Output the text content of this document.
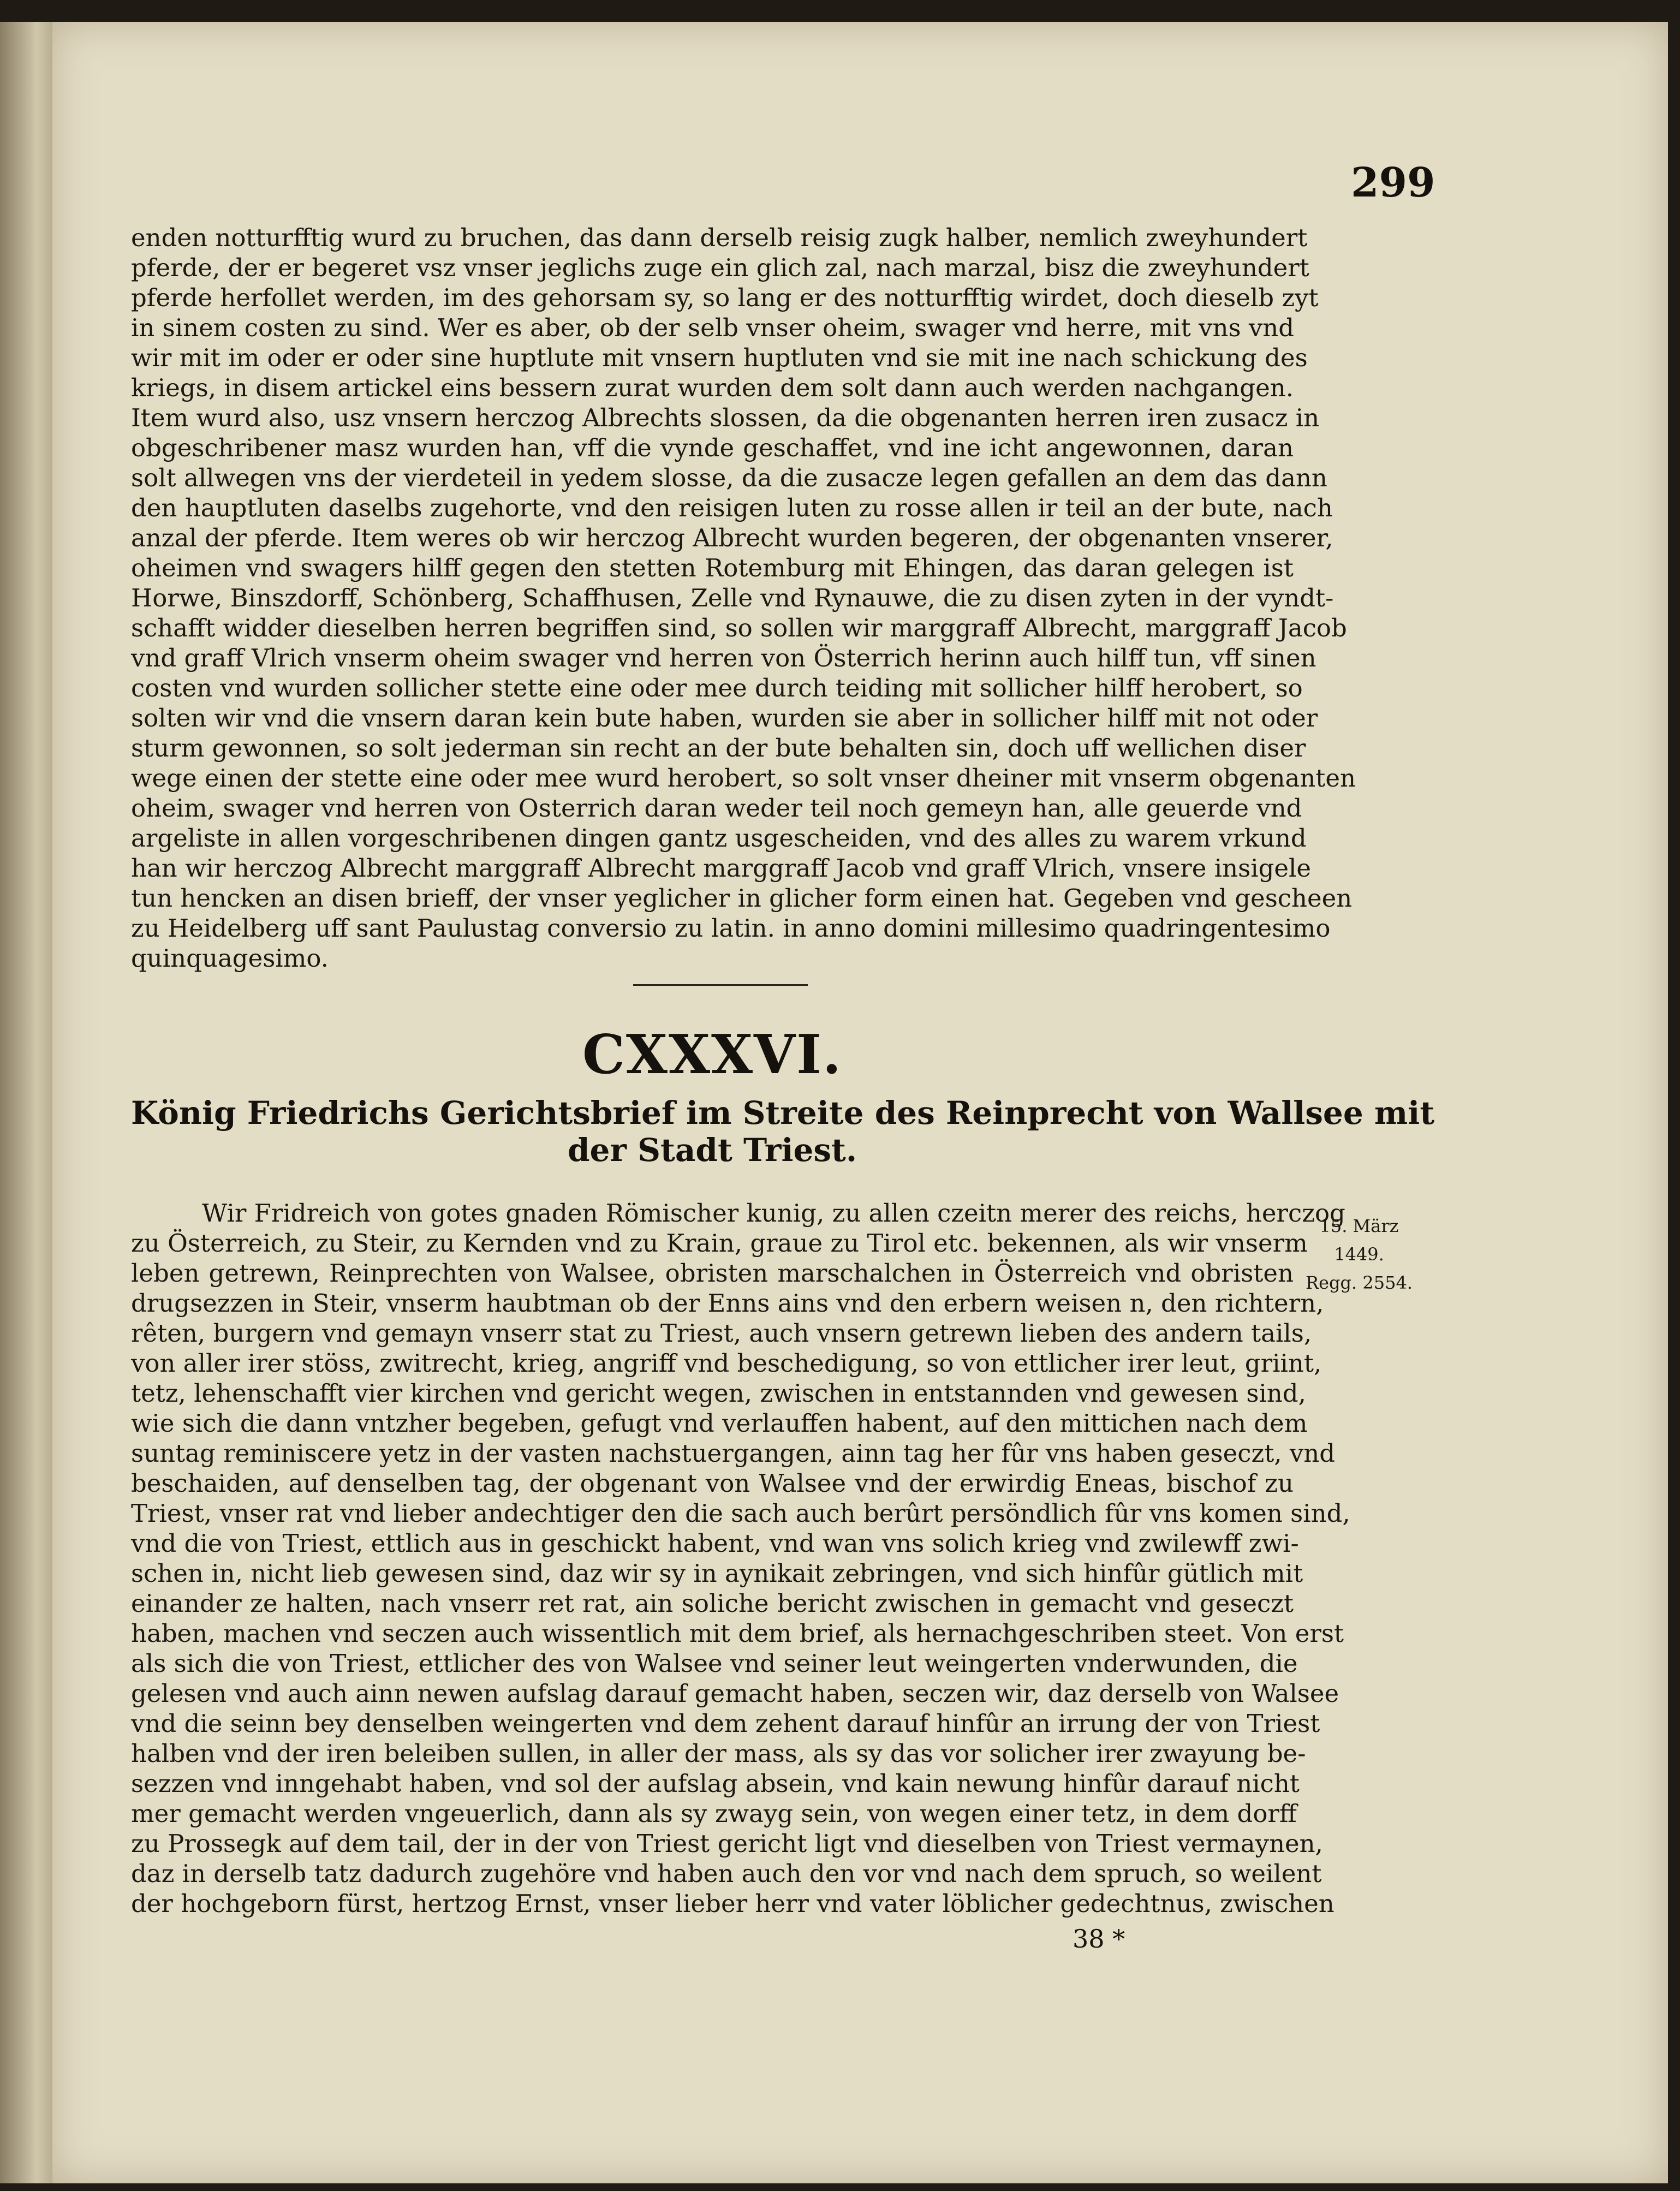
299
enden notturfftig wurd zu bruchen, das dann derselb reisig zugk halber, nemlich zweyhundert
pferde, der er begeret vsz vnser jeglichs zuge ein glich zal, nach marzal, bisz die zweyhundert
pferde herfollet werden, im des gehorsam sy, so lang er des notturfftig wirdet, doch dieselb zyt
in sinem costen zu sind. Wer es aber, ob der selb vnser oheim, swager vnd herre, mit vns vnd
wir mit im oder er oder sine huptlute mit vnsern huptluten vnd sie mit ine nach schickung des
kriegs, in disem artickel eins bessern zurat wurden dem solt dann auch werden nachgangen.
Item wurd also, usz vnsern herczog Albrechts slossen, da die obgenanten herren iren zusacz in
obgeschribener masz wurden han, vff die vynde geschaffet, vnd ine icht angewonnen, daran
solt allwegen vns der vierdeteil in yedem slosse, da die zusacze legen gefallen an dem das dann
den hauptluten daselbs zugehorte, vnd den reisigen luten zu rosse allen ir teil an der bute, nach
anzal der pferde. Item weres ob wir herczog Albrecht wurden begeren, der obgenanten vnserer,
oheimen vnd swagers hilff gegen den stetten Rotemburg mit Ehingen, das daran gelegen ist
Horwe, Binszdorff, Schönberg, Schaffhusen, Zelle vnd Rynauwe, die zu disen zyten in der vyndt-
schafft widder dieselben herren begriffen sind, so sollen wir marggraff Albrecht, marggraff Jacob
vnd graff Vlrich vnserm oheim swager vnd herren von Österrich herinn auch hilff tun, vff sinen
costen vnd wurden sollicher stette eine oder mee durch teiding mit sollicher hilff herobert, so
solten wir vnd die vnsern daran kein bute haben, wurden sie aber in sollicher hilff mit not oder
sturm gewonnen, so solt jederman sin recht an der bute behalten sin, doch uff wellichen diser
wege einen der stette eine oder mee wurd herobert, so solt vnser dheiner mit vnserm obgenanten
oheim, swager vnd herren von Osterrich daran weder teil noch gemeyn han, alle geuerde vnd
argeliste in allen vorgeschribenen dingen gantz usgescheiden, vnd des alles zu warem vrkund
han wir herczog Albrecht marggraff Albrecht marggraff Jacob vnd graff Vlrich, vnsere insigele
tun hencken an disen brieff, der vnser yeglicher in glicher form einen hat. Gegeben vnd gescheen
zu Heidelberg uff sant Paulustag conversio zu latin. in anno domini millesimo quadringentesimo
quinquagesimo.
CXXXVI.
König Friedrichs Gerichtsbrief im Streite des Reinprecht von Wallsee mit
der Stadt Triest.
15. März
1449.
Regg. 2554.
Wir Fridreich von gotes gnaden Römischer kunig, zu allen czeitn merer des reichs, herczog
zu Österreich, zu Steir, zu Kernden vnd zu Krain, graue zu Tirol etc. bekennen, als wir vnserm
leben getrewn, Reinprechten von Walsee, obristen marschalchen in Österreich vnd obristen
drugsezzen in Steir, vnserm haubtman ob der Enns ains vnd den erbern weisen n, den richtern,
rêten, burgern vnd gemayn vnserr stat zu Triest, auch vnsern getrewn lieben des andern tails,
von aller irer stöss, zwitrecht, krieg, angriff vnd beschedigung, so von ettlicher irer leut, griint,
tetz, lehenschafft vier kirchen vnd gericht wegen, zwischen in entstannden vnd gewesen sind,
wie sich die dann vntzher begeben, gefugt vnd verlauffen habent, auf den mittichen nach dem
suntag reminiscere yetz in der vasten nachstuergangen, ainn tag her fûr vns haben geseczt, vnd
beschaiden, auf denselben tag, der obgenant von Walsee vnd der erwirdig Eneas, bischof zu
Triest, vnser rat vnd lieber andechtiger den die sach auch berûrt persöndlich fûr vns komen sind,
vnd die von Triest, ettlich aus in geschickt habent, vnd wan vns solich krieg vnd zwilewff zwi-
schen in, nicht lieb gewesen sind, daz wir sy in aynikait zebringen, vnd sich hinfûr gütlich mit
einander ze halten, nach vnserr ret rat, ain soliche bericht zwischen in gemacht vnd geseczt
haben, machen vnd seczen auch wissentlich mit dem brief, als hernachgeschriben steet. Von erst
als sich die von Triest, ettlicher des von Walsee vnd seiner leut weingerten vnderwunden, die
gelesen vnd auch ainn newen aufslag darauf gemacht haben, seczen wir, daz derselb von Walsee
vnd die seinn bey denselben weingerten vnd dem zehent darauf hinfûr an irrung der von Triest
halben vnd der iren beleiben sullen, in aller der mass, als sy das vor solicher irer zwayung be-
sezzen vnd inngehabt haben, vnd sol der aufslag absein, vnd kain newung hinfûr darauf nicht
mer gemacht werden vngeuerlich, dann als sy zwayg sein, von wegen einer tetz, in dem dorff
zu Prossegk auf dem tail, der in der von Triest gericht ligt vnd dieselben von Triest vermaynen,
daz in derselb tatz dadurch zugehöre vnd haben auch den vor vnd nach dem spruch, so weilent
der hochgeborn fürst, hertzog Ernst, vnser lieber herr vnd vater löblicher gedechtnus, zwischen
38 *
